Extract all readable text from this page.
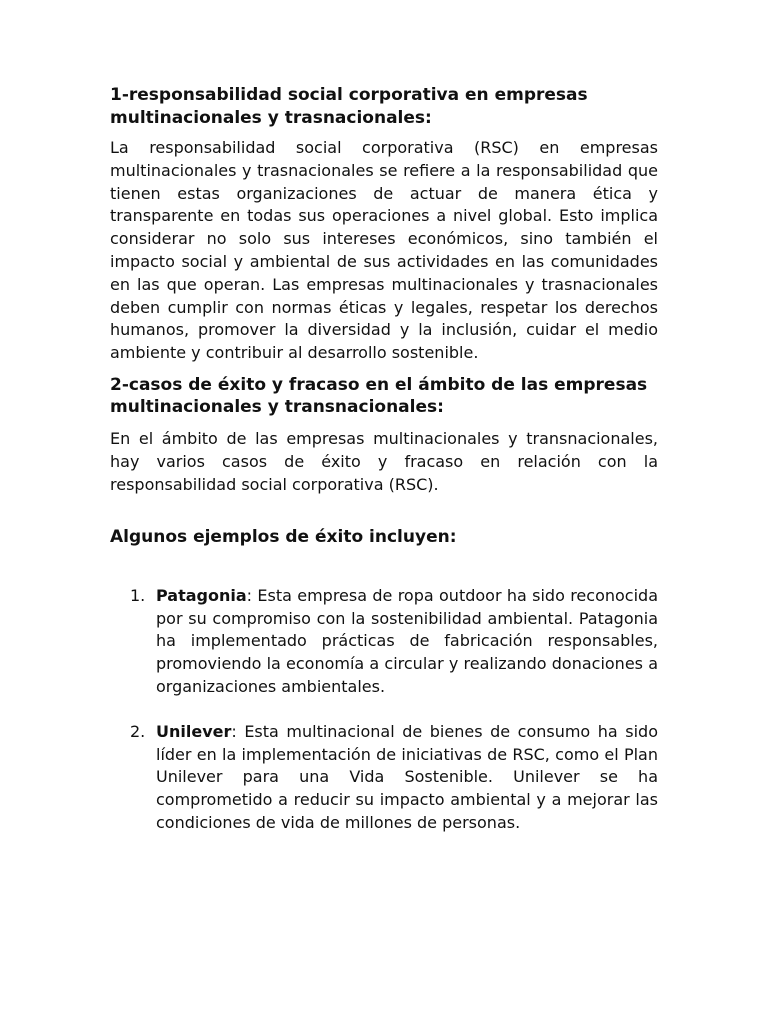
1-responsabilidad social corporativa en empresas multinacionales y trasnacionales:

La responsabilidad social corporativa (RSC) en empresas multinacionales y trasnacionales se refiere a la responsabilidad que tienen estas organizaciones de actuar de manera ética y transparente en todas sus operaciones a nivel global. Esto implica considerar no solo sus intereses económicos, sino también el impacto social y ambiental de sus actividades en las comunidades en las que operan. Las empresas multinacionales y trasnacionales deben cumplir con normas éticas y legales, respetar los derechos humanos, promover la diversidad y la inclusión, cuidar el medio ambiente y contribuir al desarrollo sostenible.

2-casos de éxito y fracaso en el ámbito de las empresas multinacionales y transnacionales:

En el ámbito de las empresas multinacionales y transnacionales, hay varios casos de éxito y fracaso en relación con la responsabilidad social corporativa (RSC).

Algunos ejemplos de éxito incluyen:

1. Patagonia: Esta empresa de ropa outdoor ha sido reconocida por su compromiso con la sostenibilidad ambiental. Patagonia ha implementado prácticas de fabricación responsables, promoviendo la economía a circular y realizando donaciones a organizaciones ambientales.
2. Unilever: Esta multinacional de bienes de consumo ha sido líder en la implementación de iniciativas de RSC, como el Plan Unilever para una Vida Sostenible. Unilever se ha comprometido a reducir su impacto ambiental y a mejorar las condiciones de vida de millones de personas.
